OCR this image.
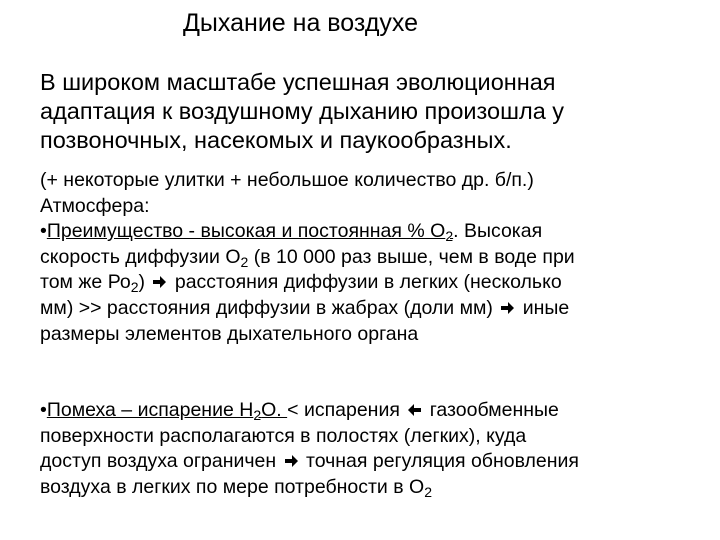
Дыхание на воздухе
В широком масштабе успешная эволюционная
адаптация к воздушному дыханию произошла у
позвоночных, насекомых и паукообразных.
(+ некоторые улитки + небольшое количество др. б/п.)
Атмосфера:
•Преимущество - высокая и постоянная % $О_2$. Высокая
скорость диффузии $О_2$ (в 10 000 раз выше, чем в воде при
том же $Ро_2$) расстояния диффузии в легких (несколько
мм) >> расстояния диффузии в жабрах (доли мм) иные
размеры элементов дыхательного органа
•Помеха – испарение $Н_2О$. < испарения газообменные
поверхности располагаются в полостях (легких), куда
доступ воздуха ограничен точная регуляция обновления
воздуха в легких по мере потребности в $О_2$
